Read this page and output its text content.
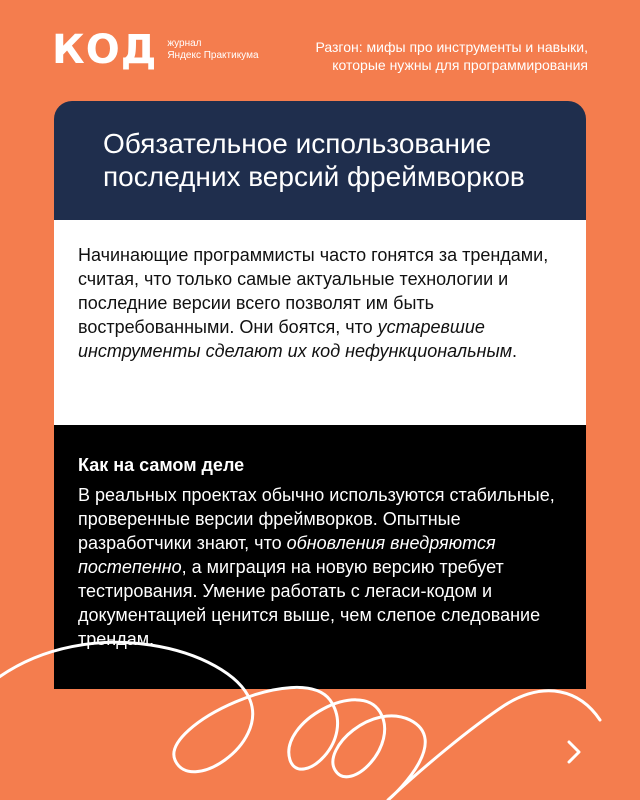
КОД журнал
Яндекс Практикума
Разгон: мифы про инструменты и навыки,
которые нужны для программирования
Обязательное использование
последних версий фреймворков

Начинающие программисты часто гонятся за трендами, считая, что только самые актуальные технологии и последние версии всего позволят им быть востребованными. Они боятся, что устаревшие инструменты сделают их код нефункциональным.

Как на самом деле

В реальных проектах обычно используются стабильные, проверенные версии фреймворков. Опытные разработчики знают, что обновления внедряются постепенно, а миграция на новую версию требует тестирования. Умение работать с легаси-кодом и документацией ценится выше, чем слепое следование трендам.
